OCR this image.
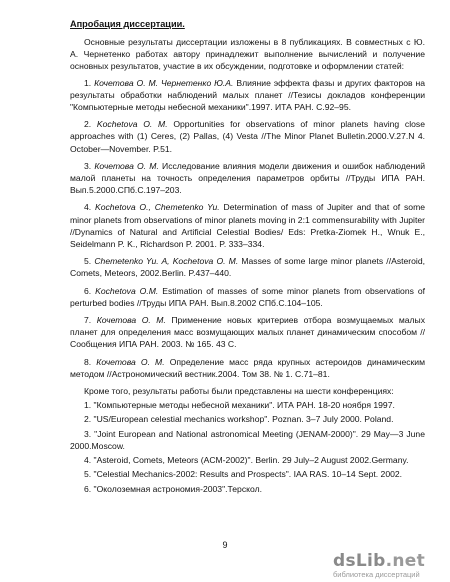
Апробация диссертации.

Основные результаты диссертации изложены в 8 публикациях. В совместных с Ю. А. Чернетенко работах автору принадлежит выполнение вычислений и получение основных результатов, участие в их обсуждении, подготовке и оформлении статей:

1. Кочетова О. М. Чернетенко Ю.А. Влияние эффекта фазы и других факторов на результаты обработки наблюдений малых планет //Тезисы докладов конференции "Компьютерные методы небесной механики".1997. ИТА РАН. С.92–95.

2. Kochetova O. M. Opportunities for observations of minor planets having close approaches with (1) Ceres, (2) Pallas, (4) Vesta //The Minor Planet Bulletin.2000.V.27.N 4. October—November. P.51.

3. Кочетова О. М. Исследование влияния модели движения и ошибок наблюдений малой планеты на точность определения параметров орбиты //Труды ИПА РАН. Вып.5.2000.СПб.С.197–203.

4. Kochetova O., Chemetenko Yu. Determination of mass of Jupiter and that of some minor planets from observations of minor planets moving in 2:1 commensurability with Jupiter //Dynamics of Natural and Artificial Celestial Bodies/ Eds: Pretka-Ziomek H., Wnuk E., Seidelmann P. K., Richardson P. 2001. P. 333–334.

5. Chemetenko Yu. A, Kochetova O. M. Masses of some large minor planets //Asteroid, Comets, Meteors, 2002.Berlin. P.437–440.

6. Kochetova O.M. Estimation of masses of some minor planets from observations of perturbed bodies //Труды ИПА РАН. Вып.8.2002 СПб.С.104–105.

7. Кочетова О. М. Применение новых критериев отбора возмущаемых малых планет для определения масс возмущающих малых планет динамическим способом //Сообщения ИПА РАН. 2003. № 165. 43 С.

8. Кочетова О. М. Определение масс ряда крупных астероидов динамическим методом //Астрономический вестник.2004. Том 38. № 1. С.71–81.

Кроме того, результаты работы были представлены на шести конференциях:

1. "Компьютерные методы небесной механики". ИТА РАН. 18-20 ноября 1997.

2. "US/European celestial mechanics workshop". Poznan. 3–7 July 2000. Poland.

3. "Joint European and National astronomical Meeting (JENAM-2000)". 29 May—3 June 2000.Moscow.

4. "Asteroid, Comets, Meteors (ACM-2002)". Berlin. 29 July–2 August 2002.Germany.

5. "Celestial Mechanics-2002: Results and Prospects". IAA RAS. 10–14 Sept. 2002.

6. "Околоземная астрономия-2003".Терскол.

9
dsLib.net
библиотека диссертаций
